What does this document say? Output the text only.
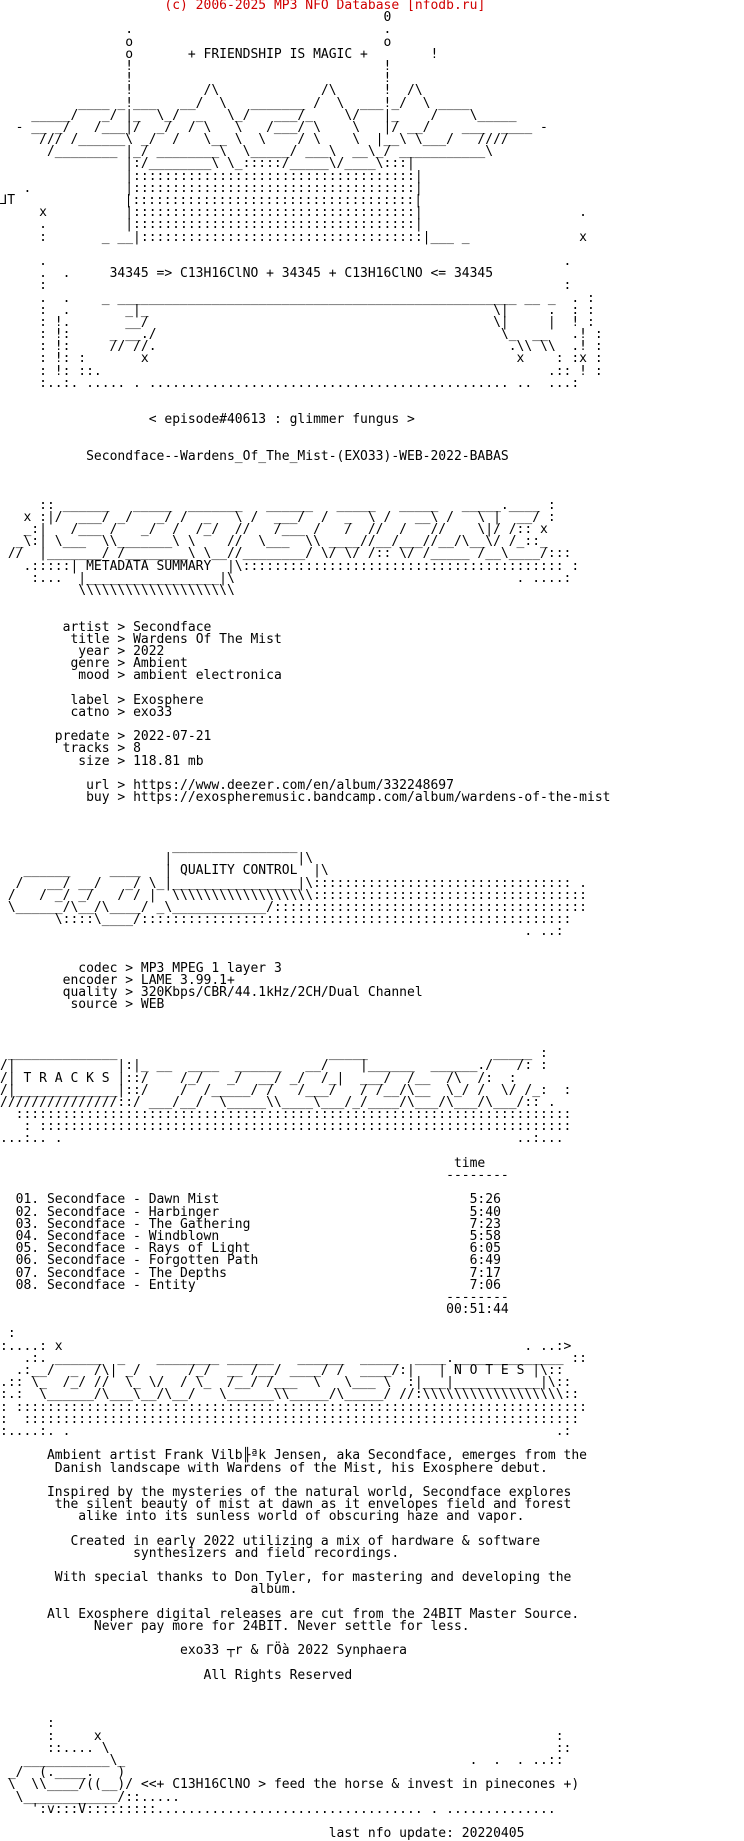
(c) 2006-2025 MP3 NFO Database [nfodb.ru]
0
.                                .
o                                o
o       + FRIENDSHIP IS MAGIC +        !
!                                !
!                                !
!         /\             /\      !  /\
____ _!___   __/  \   _______ /  \  ___!_/  \ ____
_____/   _/ |_  \_/  _   \_/   ___/_    \/   |_    /    \_____
- __ _/   /___|/  _/  / \   \   /___/ \    \   |/ __/    ___  ____ -
/// /______\ _/  /   \__ \  \    / \    \  |__\ \___/   ////
/________ |_/ ________\  \_____/ ___\  __\_/ ___________\
|:/________\ \_:::::/_____\/____\:::|
|::::::::::::::::::::::::::::::::::::|
.            |::::::::::::::::::::::::::::::::::::|
⅃T              |::::::::::::::::::::::::::::::::::::|
x          |::::::::::::::::::::::::::::::::::::|                    .
.          |::::::::::::::::::::::::::::::::::::|
:       _ __|::::::::::::::::::::::::::::::::::::|___ _              x

.                                                                  .
.  .     34345 => C13H16ClNO + 34345 + C13H16ClNO <= 34345
:                                                                  :
.  .    _ ___________________________________________________ __ _  . :
:  .       _|_                                            \|     .  : :
: !.       __/                                            \|     |  ! :
: !:     _ __./                                            \_  __   .! :
: !:     // //.                                             .\\ \\  .! :
: !: :       x                                               x    : :x :
: !: ::.                                                         .:: ! :
:..:. ..... . .............................................. ..  ...:

< episode#40613 : glimmer fungus >

Secondface--Wardens_Of_The_Mist-(EXO33)-WEB-2022-BABAS

:: ______   _____  _______   ______   _____   _____   _____.____ :
x :|/  ___/ _/   _/ /  _   \ /  ___/  /  _  \ /   __\ /   \ |  __/ :
_:|   /___ /   _/  /  /_/  //   /___ /   /  //  /   //    \|/ /:: x
_\:| \___  \\_______\ \    //  \___  \\ ____//__/___//__/\__\/ /_::_
//  |_______/ /________\ \__//________/ \/ \/ /:: \/ /_____ /__\____/:::
.:::::| METADATA SUMMARY  |\::::::::::::::::::::::::::::::::::::::::: :
:...  |_________________|\                                    . ....:
\\\\\\\\\\\\\\\\\\\\

artist > Secondface
title > Wardens Of The Mist
year > 2022
genre > Ambient
mood > ambient electronica

label > Exosphere
catno > exo33

predate > 2022-07-21
tracks > 8
size > 118.81 mb

url > https://www.deezer.com/en/album/332248697
buy > https://exospheremusic.bandcamp.com/album/wardens-of-the-mist

________________
|                |\
______     ____   | QUALITY CONTROL  |\
/   __/ __/   _/ \_|________________|\::::::::::::::::::::::::::::::::: .
/   / _/ _/   / / |  \\\\\\\\\\\\\\\\\\:::::::::::::::::::::::::::::::::::
\______/\__/\____/ _\____________/::::::::::::::::::::::::::::::::::::::::
\::::\____/:::::::::::::::::::::::::::::::::::::::::::::::::::::::
. ..:

codec > MP3 MPEG 1 layer 3
encoder > LAME 3.99.1+
quality > 320Kbps/CBR/44.1kHz/2CH/Dual Channel
source > WEB

______________                           _____                _____ :
/|             |:|_ __  ____  ______   __/    |______  ______./   /: :
/| T R A C K S |::/    /_/   _/  __/ _/  /_|  ___/  /__  /\  /:  :
/|_____________|::/    /  /_____/ /   /___/   / /__/\__  \_/ /  \/ /_:  :
///////////////::/ ___/__/  \_____\\____\___/_/____/\___/\___/\___/:: .
:::::::::::::::::::::::::::::::::::::::::::::::::::::::::::::::::::::::
: ::::::::::::::::::::::::::::::::::::::::::::::::::::::::::::::::::::
...:.. .                                                          ..:...

time
--------

01. Secondface - Dawn Mist	5:26
02. Secondface - Harbinger	5:40
03. Secondface - The Gathering	7:23
04. Secondface - Windblown	5:58
05. Secondface - Rays of Light	6:05
06. Secondface - Forgotten Path	6:49
07. Secondface - The Depths	7:17
08. Secondface - Entity	7:06
--------
00:51:44

:
:....: x                                                           . ..:>
.:. ______  _    ________ ______   ______  _____  ____.______________ ::
.:__/  _  /\| _/      /_/  __ /__/ ____/ /  ____/:|   | N O T E S |\::
.:: \_  /_/ //  \_ \/  / \_  /__/ /___  \   \___ \  :|___|___________|\::
:.:  \______/\___\__/\__/   \______\\_____/\_____/ //:\\\\\\\\\\\\\\\\\\::
: :::::::::::::::::::::::::::::::::::::::::::::::::::::::::::::::::::::::::
:  :::::::::::::::::::::::::::::::::::::::::::::::::::::::::::::::::::::::
:....:. .                                                              .:

Ambient artist Frank Vilb╟ªk Jensen, aka Secondface, emerges from the
Danish landscape with Wardens of the Mist, his Exosphere debut.

Inspired by the mysteries of the natural world, Secondface explores
the silent beauty of mist at dawn as it envelopes field and forest
alike into its sunless world of obscuring haze and vapor.

Created in early 2022 utilizing a mix of hardware & software
synthesizers and field recordings.

With special thanks to Don Tyler, for mastering and developing the
album.

All Exosphere digital releases are cut from the 24BIT Master Source.
Never pay more for 24BIT. Never settle for less.

exo33 ┬r & ΓÖà 2022 Synphaera

All Rights Reserved

:
:     x                                                          :
::.... \                                                         ::
___________\_                                            .  .  . ..::
_/  (.____.   )
\  \\____/((__)/ <<+ C13H16ClNO > feed the horse & invest in pinecones +)
\____________/::.....
':v:::V:::::::::.................................. . ..............

last nfo update: 20220405
